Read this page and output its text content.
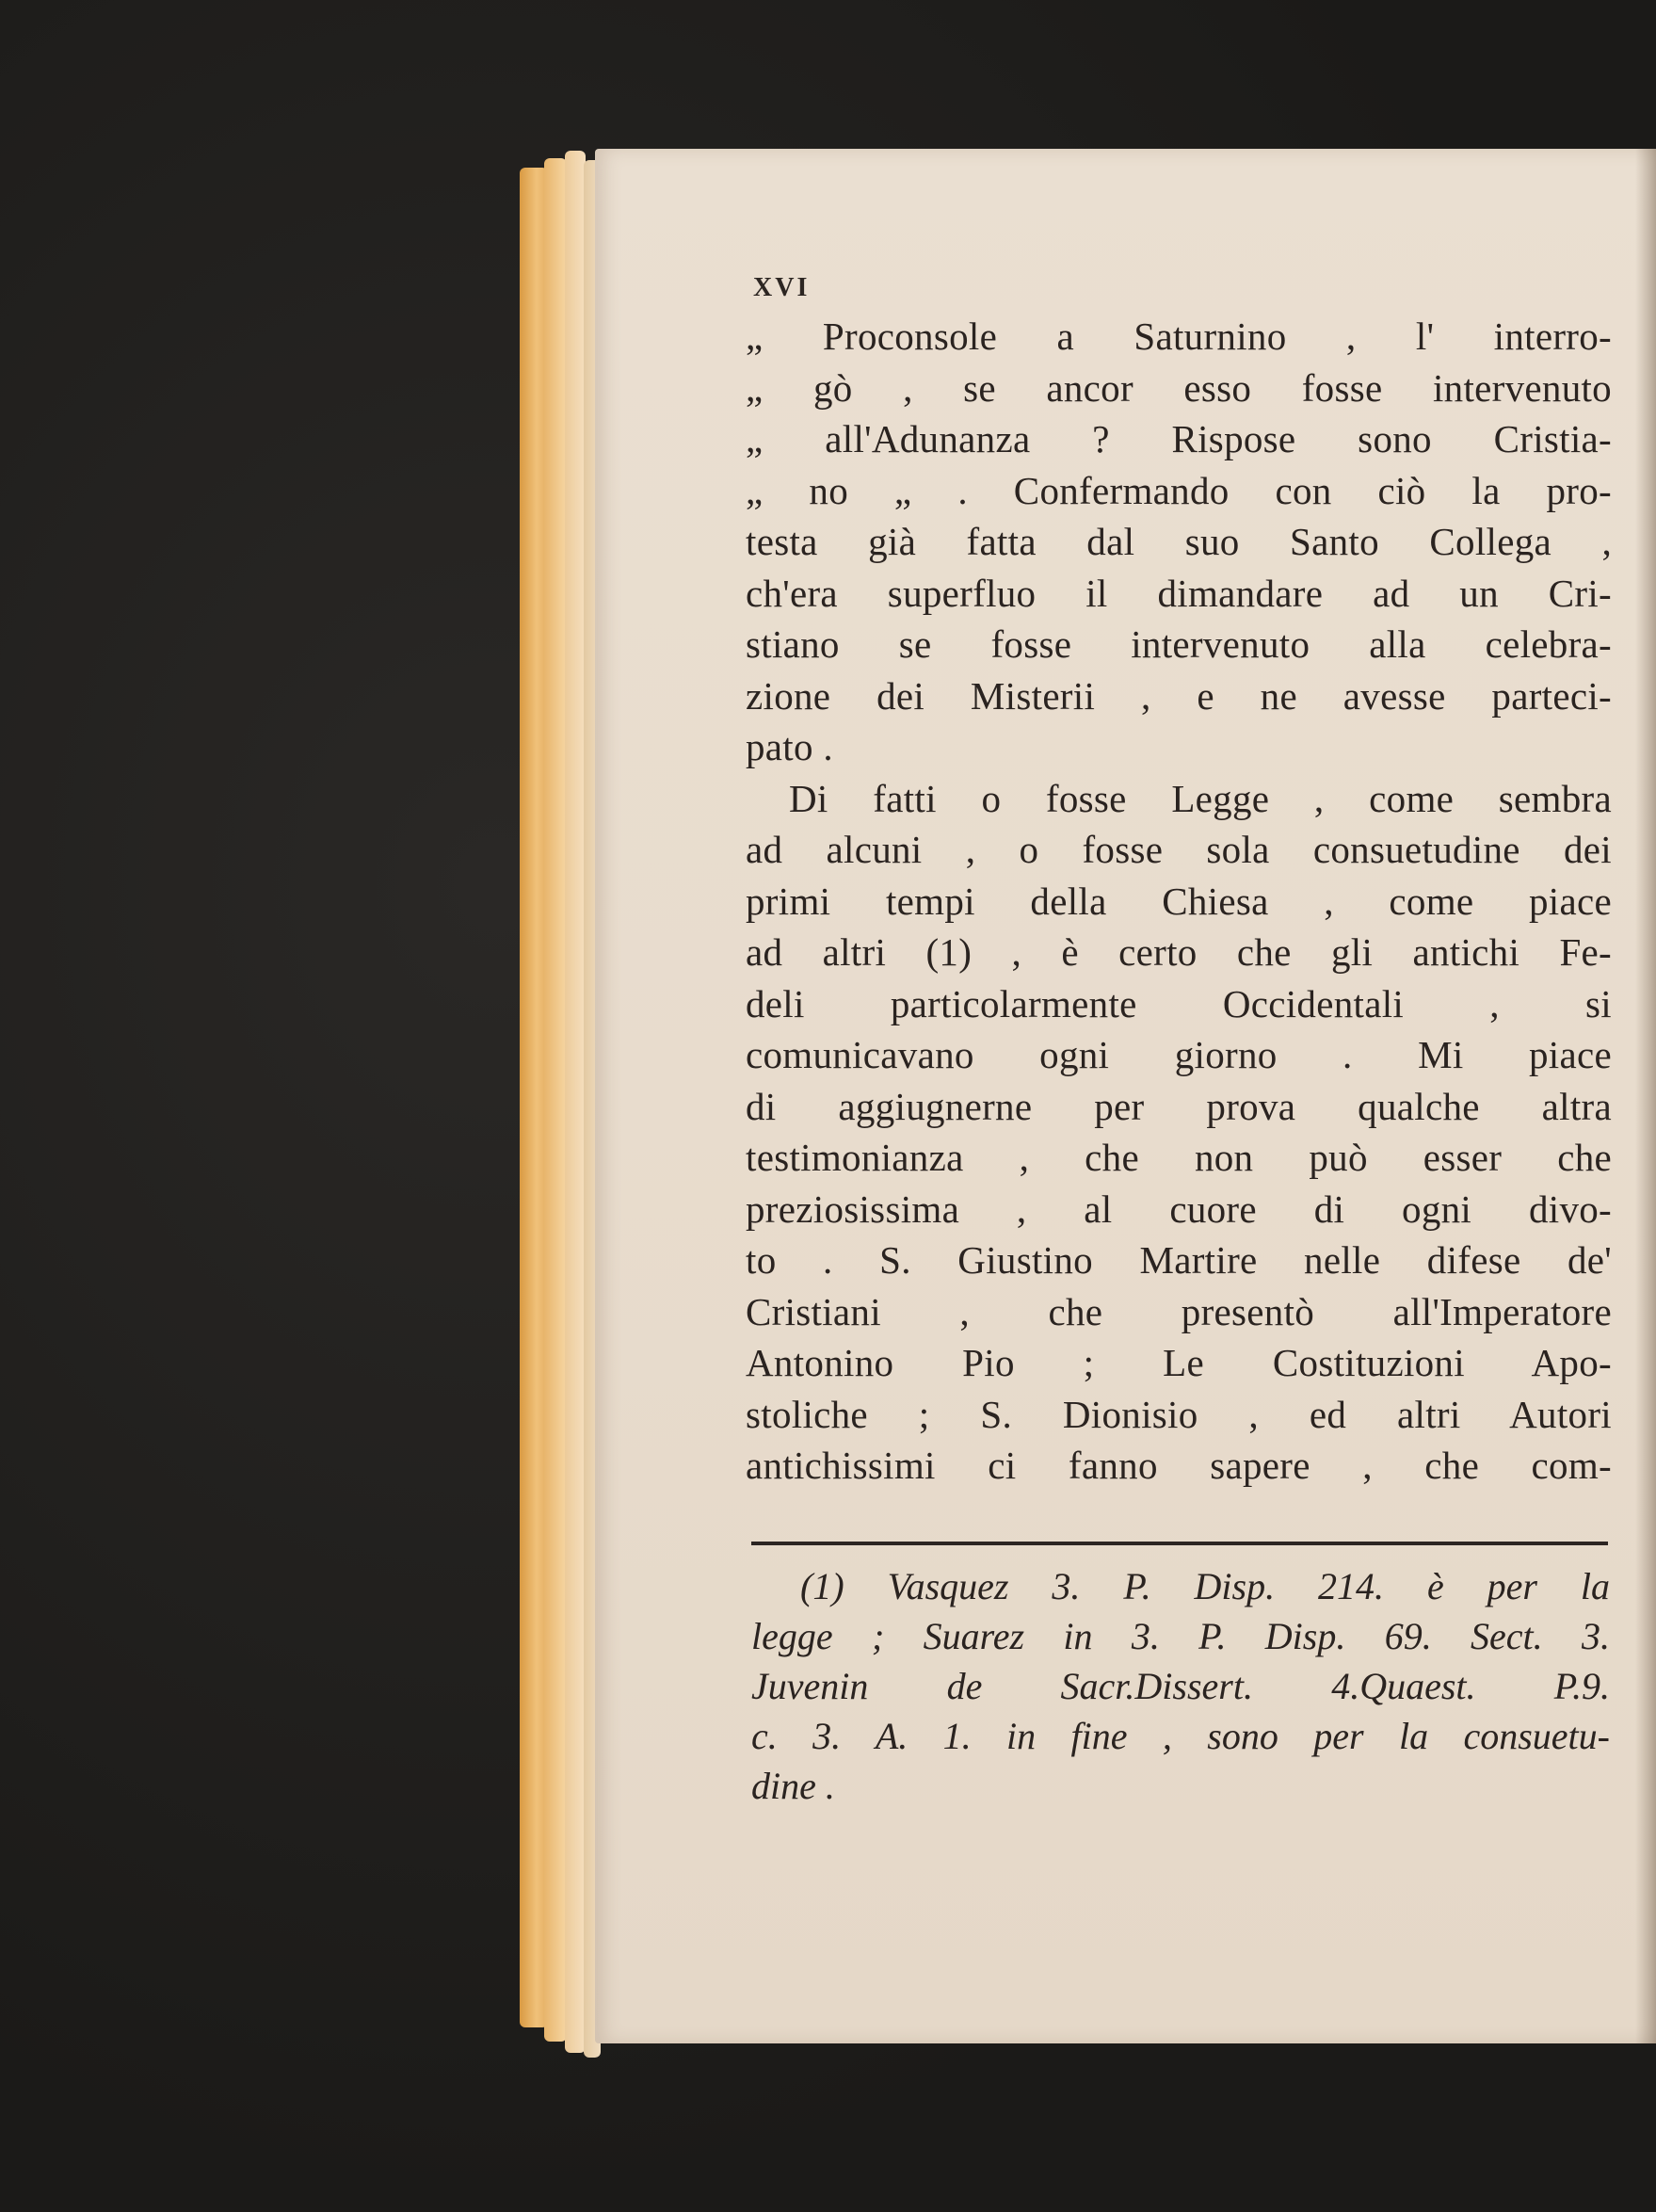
XVI
„ Proconsole a Saturnino , l' interro-
„ gò , se ancor esso fosse intervenuto
„ all'Adunanza ? Rispose sono Cristia-
„ no „ . Confermando con ciò la pro-
testa già fatta dal suo Santo Collega ,
ch'era superfluo il dimandare ad un Cri-
stiano se fosse intervenuto alla celebra-
zione dei Misterii , e ne avesse parteci-
pato .
Di fatti o fosse Legge , come sembra
ad alcuni , o fosse sola consuetudine dei
primi tempi della Chiesa , come piace
ad altri (1) , è certo che gli antichi Fe-
deli particolarmente Occidentali , si
comunicavano ogni giorno . Mi piace
di aggiugnerne per prova qualche altra
testimonianza , che non può esser che
preziosissima , al cuore di ogni divo-
to . S. Giustino Martire nelle difese de'
Cristiani , che presentò all'Imperatore
Antonino Pio ; Le Costituzioni Apo-
stoliche ; S. Dionisio , ed altri Autori
antichissimi ci fanno sapere , che com-
(1) Vasquez 3. P. Disp. 214. è per la
legge ; Suarez in 3. P. Disp. 69. Sect. 3.
Juvenin de Sacr.Dissert. 4.Quaest. P.9.
c. 3. A. 1. in fine , sono per la consuetu-
dine .
